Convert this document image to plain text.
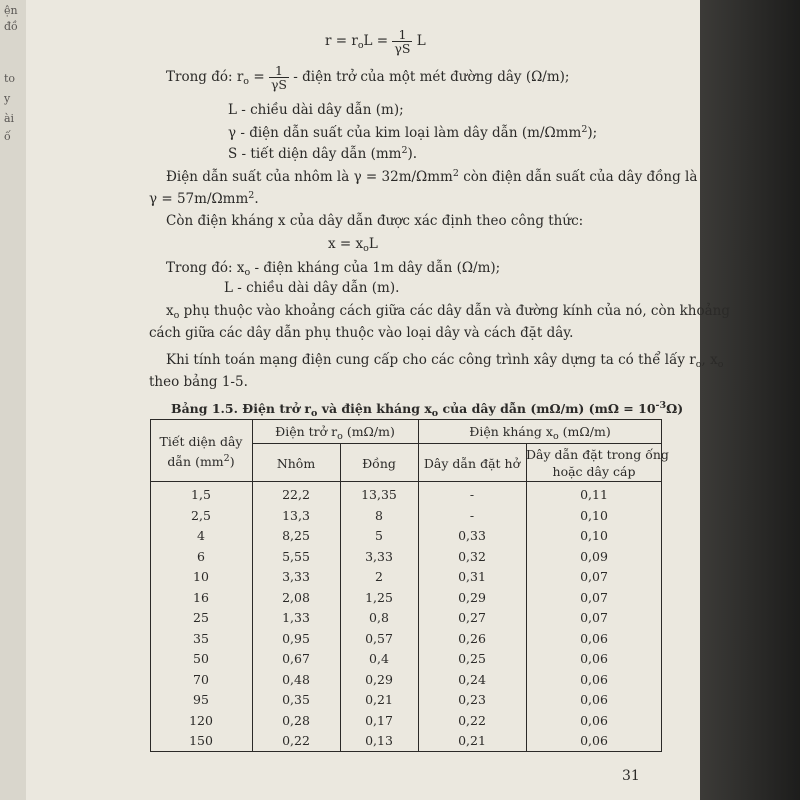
ện
đồ
to
y
ài
ố
$r = r_oL = \frac{1}{\gamma S}$ L
Trong đó: $r_o = \frac{1}{\gamma S}$ - điện trở của một mét đường dây (Ω/m);
L - chiều dài dây dẫn (m);
γ - điện dẫn suất của kim loại làm dây dẫn (m/Ωmm$^2$);
S - tiết diện dây dẫn $(mm^2)$.
Điện dẫn suất của nhôm là γ = 32m/Ωmm$^2$ còn điện dẫn suất của dây đồng là
γ = 57m/Ωmm$^2$.
Còn điện kháng x của dây dẫn được xác định theo công thức:
$x = x_oL$
Trong đó: $x_o$ - điện kháng của 1m dây dẫn (Ω/m);
L - chiều dài dây dẫn (m).
$x_o$ phụ thuộc vào khoảng cách giữa các dây dẫn và đường kính của nó, còn khoảng
cách giữa các dây dẫn phụ thuộc vào loại dây và cách đặt dây.
Khi tính toán mạng điện cung cấp cho các công trình xây dựng ta có thể lấy $r_o$, $x_o$
theo bảng 1-5.
Bảng 1.5. Điện trở $r_o$ và điện kháng $x_o$ của dây dẫn (mΩ/m) $(m\Omega = 10^{-3}\Omega)$
Tiết diện dây
dẫn $(mm^2)$
Điện trở $r_o$ (mΩ/m)	Điện kháng $x_o$ (mΩ/m)
Nhôm	Đồng	Dây dẫn đặt hở
Dây dẫn đặt trong ống
hoặc dây cáp
1,5	22,2	13,35	-	0,11
2,5	13,3	8	-	0,10
4	8,25	5	0,33	0,10
6	5,55	3,33	0,32	0,09
10	3,33	2	0,31	0,07
16	2,08	1,25	0,29	0,07
25	1,33	0,8	0,27	0,07
35	0,95	0,57	0,26	0,06
50	0,67	0,4	0,25	0,06
70	0,48	0,29	0,24	0,06
95	0,35	0,21	0,23	0,06
120	0,28	0,17	0,22	0,06
150	0,22	0,13	0,21	0,06
31
